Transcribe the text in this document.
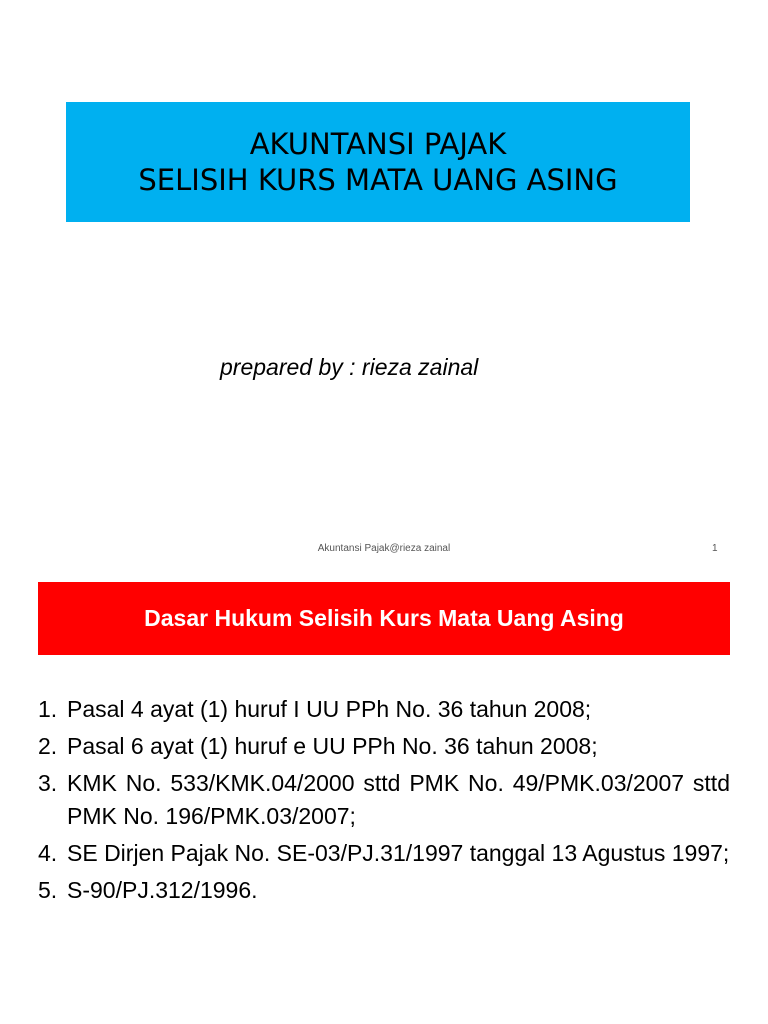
AKUNTANSI PAJAK
SELISIH KURS MATA UANG ASING
prepared by : rieza zainal
Akuntansi Pajak@rieza zainal	1
Dasar Hukum Selisih Kurs Mata Uang Asing
1. Pasal 4 ayat (1) huruf I UU PPh No. 36 tahun 2008;
2. Pasal 6 ayat (1) huruf e UU PPh No. 36 tahun 2008;
3. KMK No. 533/KMK.04/2000 sttd PMK No. 49/PMK.03/2007 sttd PMK No. 196/PMK.03/2007;
4. SE Dirjen Pajak No. SE-03/PJ.31/1997 tanggal 13 Agustus 1997;
5. S-90/PJ.312/1996.
